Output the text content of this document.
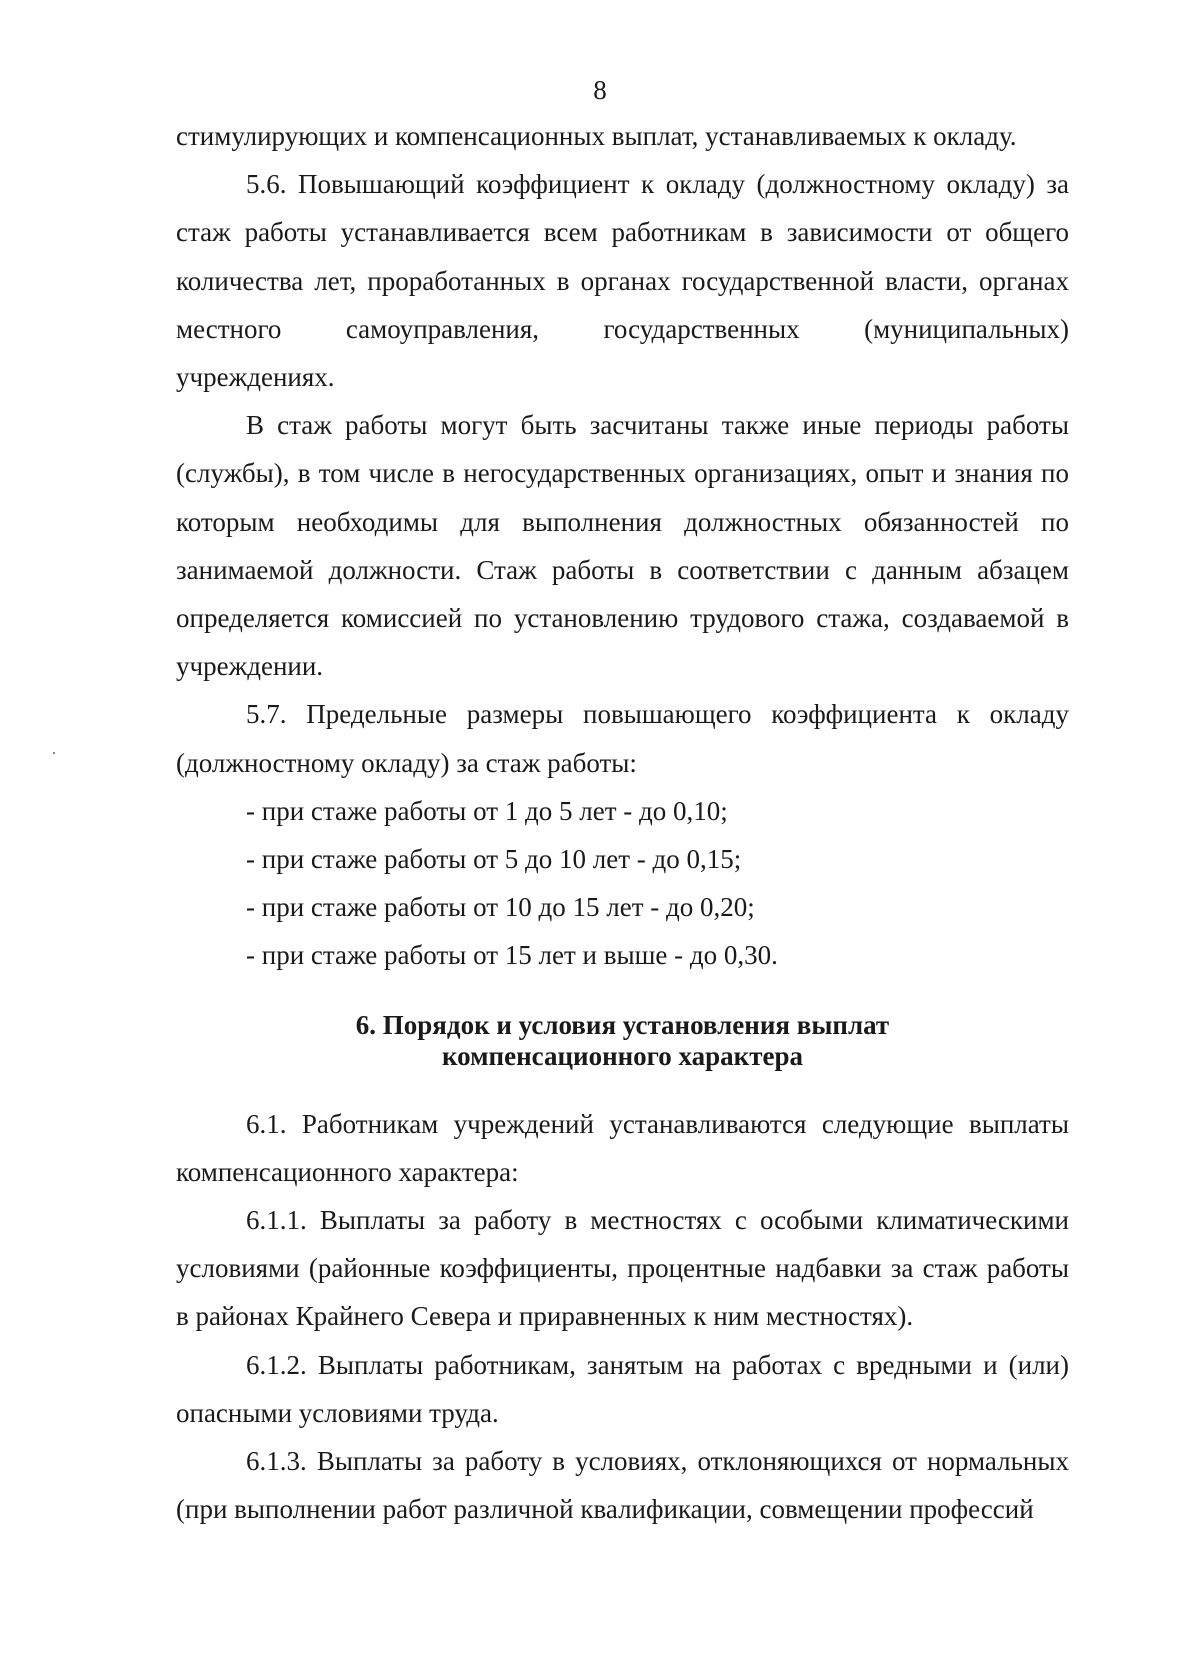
8

стимулирующих и компенсационных выплат, устанавливаемых к окладу.

5.6. Повышающий коэффициент к окладу (должностному окладу) за стаж работы устанавливается всем работникам в зависимости от общего количества лет, проработанных в органах государственной власти, органах местного самоуправления, государственных (муниципальных)

учреждениях.

В стаж работы могут быть засчитаны также иные периоды работы (службы), в том числе в негосударственных организациях, опыт и знания по которым необходимы для выполнения должностных обязанностей по занимаемой должности. Стаж работы в соответствии с данным абзацем определяется комиссией по установлению трудового стажа, создаваемой в учреждении.

5.7. Предельные размеры повышающего коэффициента к окладу (должностному окладу) за стаж работы:

- при стаже работы от 1 до 5 лет - до 0,10;

- при стаже работы от 5 до 10 лет - до 0,15;

- при стаже работы от 10 до 15 лет - до 0,20;

- при стаже работы от 15 лет и выше - до 0,30.

6. Порядок и условия установления выплат
компенсационного характера

6.1. Работникам учреждений устанавливаются следующие выплаты компенсационного характера:

6.1.1. Выплаты за работу в местностях с особыми климатическими условиями (районные коэффициенты, процентные надбавки за стаж работы в районах Крайнего Севера и приравненных к ним местностях).

6.1.2. Выплаты работникам, занятым на работах с вредными и (или) опасными условиями труда.

6.1.3. Выплаты за работу в условиях, отклоняющихся от нормальных (при выполнении работ различной квалификации, совмещении профессий
